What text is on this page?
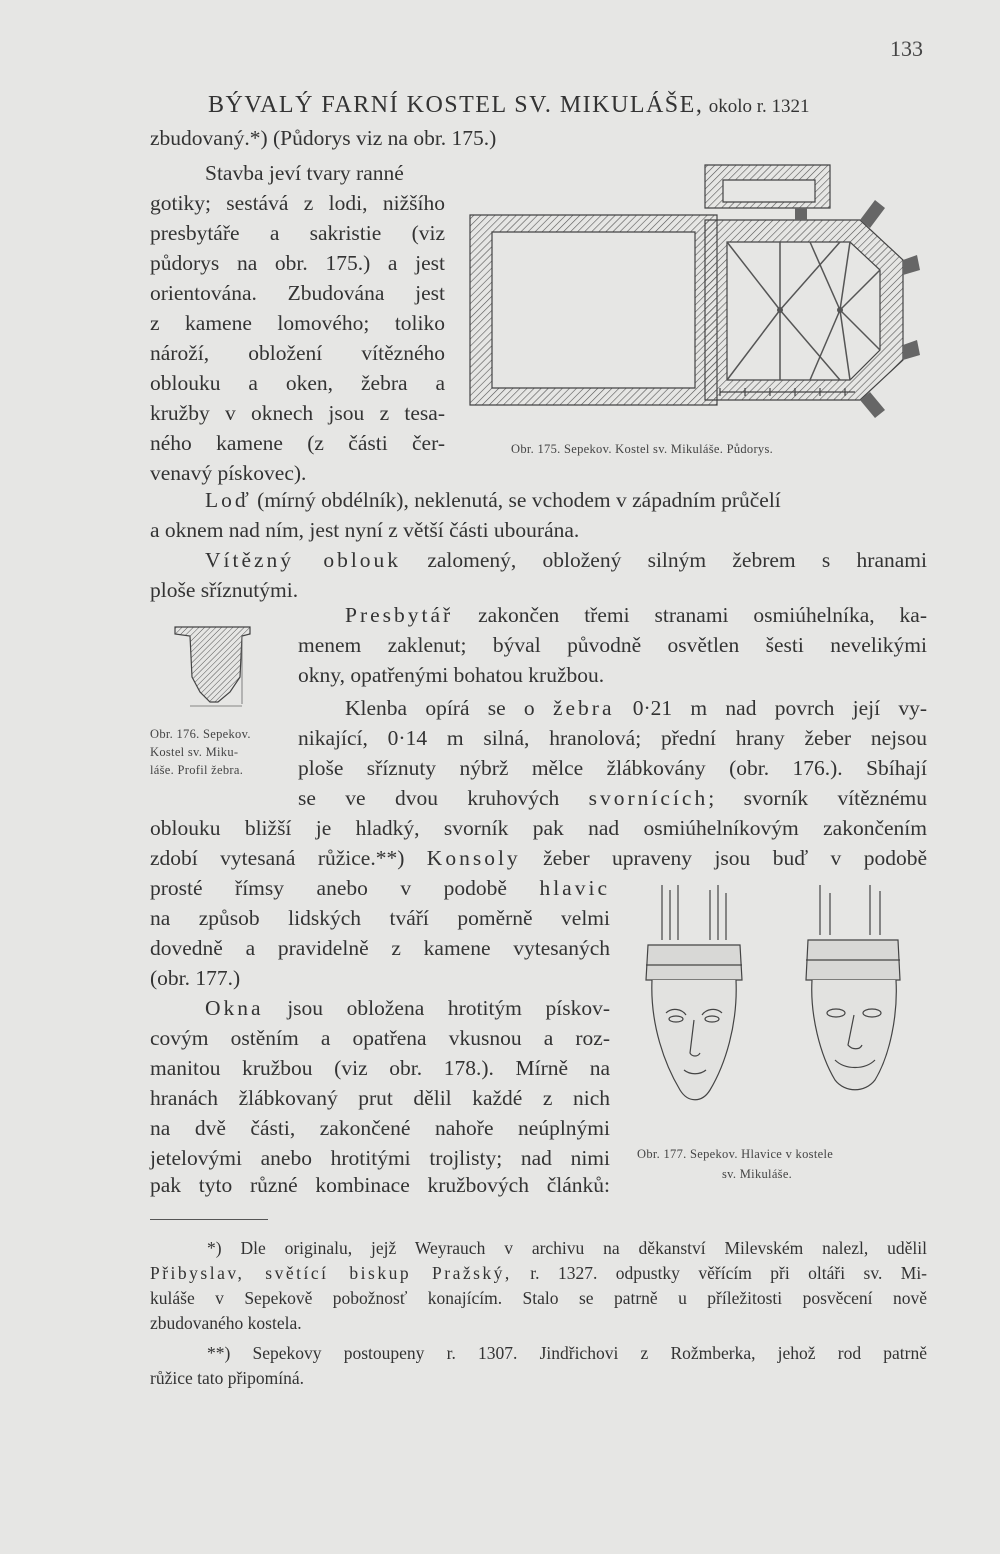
133
BÝVALÝ FARNÍ KOSTEL SV. MIKULÁŠE, okolo r. 1321
zbudovaný.*) (Půdorys viz na obr. 175.)
Stavba jeví tvary ranné
gotiky; sestává z lodi, nižšího
presbytáře a sakristie (viz
půdorys na obr. 175.) a jest
orientována. Zbudována jest
z kamene lomového; toliko
nároží, obložení vítězného
oblouku a oken, žebra a
kružby v oknech jsou z tesa-
ného kamene (z části čer-
venavý pískovec).
Obr. 175. Sepekov. Kostel sv. Mikuláše. Půdorys.
Loď (mírný obdélník), neklenutá, se vchodem v západním průčelí
a oknem nad ním, jest nyní z větší části ubourána.
Vítězný oblouk zalomený, obložený silným žebrem s hranami
ploše sříznutými.
Obr. 176. Sepekov.
Kostel sv. Miku-
láše. Profil žebra.
Presbytář zakončen třemi stranami osmiúhelníka, ka-
menem zaklenut; býval původně osvětlen šesti nevelikými
okny, opatřenými bohatou kružbou.
Klenba opírá se o žebra 0·21 m nad povrch její vy-
nikající, 0·14 m silná, hranolová; přední hrany žeber nejsou
ploše sříznuty nýbrž mělce žlábkovány (obr. 176.). Sbíhají
se ve dvou kruhových svornících; svorník vítěznému
oblouku bližší je hladký, svorník pak nad osmiúhelníkovým zakončením
zdobí vytesaná růžice.**) Konsoly žeber upraveny jsou buď v podobě
prosté římsy anebo v podobě hlavic
na způsob lidských tváří poměrně velmi
dovedně a pravidelně z kamene vytesaných
(obr. 177.)
Okna jsou obložena hrotitým pískov-
covým ostěním a opatřena vkusnou a roz-
manitou kružbou (viz obr. 178.). Mírně na
hranách žlábkovaný prut dělil každé z nich
na dvě části, zakončené nahoře neúplnými
jetelovými anebo hrotitými trojlisty; nad nimi
pak tyto různé kombinace kružbových článků:
Obr. 177. Sepekov. Hlavice v kostele
sv. Mikuláše.
*) Dle originalu, jejž Weyrauch v archivu na děkanství Milevském nalezl, udělil
Přibyslav, světící biskup Pražský, r. 1327. odpustky věřícím při oltáři sv. Mi-
kuláše v Sepekově pobožnosť konajícím. Stalo se patrně u příležitosti posvěcení nově
zbudovaného kostela.
**) Sepekovy postoupeny r. 1307. Jindřichovi z Rožmberka, jehož rod patrně
růžice tato připomíná.
